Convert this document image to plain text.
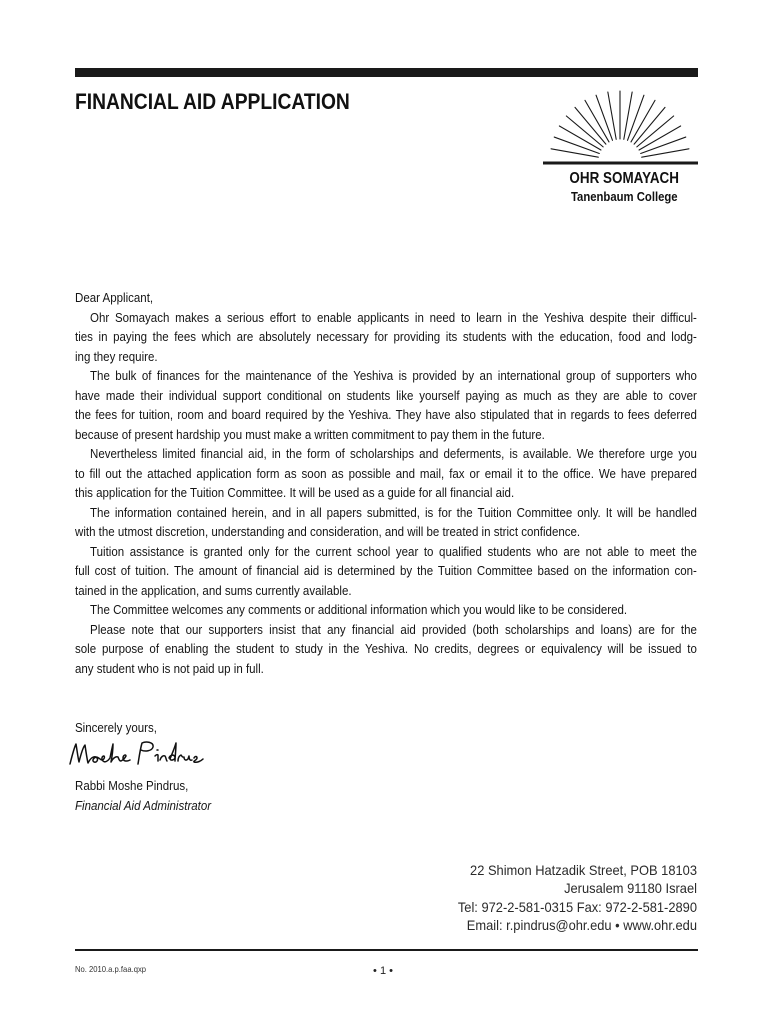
FINANCIAL AID APPLICATION
OHR SOMAYACH
Tanenbaum College
Dear Applicant,
Ohr Somayach makes a serious effort to enable applicants in need to learn in the Yeshiva despite their difficul-
ties in paying the fees which are absolutely necessary for providing its students with the education, food and lodg-
ing they require.
The bulk of finances for the maintenance of the Yeshiva is provided by an international group of supporters who
have made their individual support conditional on students like yourself paying as much as they are able to cover
the fees for tuition, room and board required by the Yeshiva. They have also stipulated that in regards to fees deferred
because of present hardship you must make a written commitment to pay them in the future.
Nevertheless limited financial aid, in the form of scholarships and deferments, is available. We therefore urge you
to fill out the attached application form as soon as possible and mail, fax or email it to the office. We have prepared
this application for the Tuition Committee. It will be used as a guide for all financial aid.
The information contained herein, and in all papers submitted, is for the Tuition Committee only. It will be handled
with the utmost discretion, understanding and consideration, and will be treated in strict confidence.
Tuition assistance is granted only for the current school year to qualified students who are not able to meet the
full cost of tuition. The amount of financial aid is determined by the Tuition Committee based on the information con-
tained in the application, and sums currently available.
The Committee welcomes any comments or additional information which you would like to be considered.
Please note that our supporters insist that any financial aid provided (both scholarships and loans) are for the
sole purpose of enabling the student to study in the Yeshiva. No credits, degrees or equivalency will be issued to
any student who is not paid up in full.
Sincerely yours,
Rabbi Moshe Pindrus,
Financial Aid Administrator
22 Shimon Hatzadik Street, POB 18103
Jerusalem 91180 Israel
Tel: 972-2-581-0315 Fax: 972-2-581-2890
Email: r.pindrus@ohr.edu • www.ohr.edu
No. 2010.a.p.faa.qxp	• 1 •
